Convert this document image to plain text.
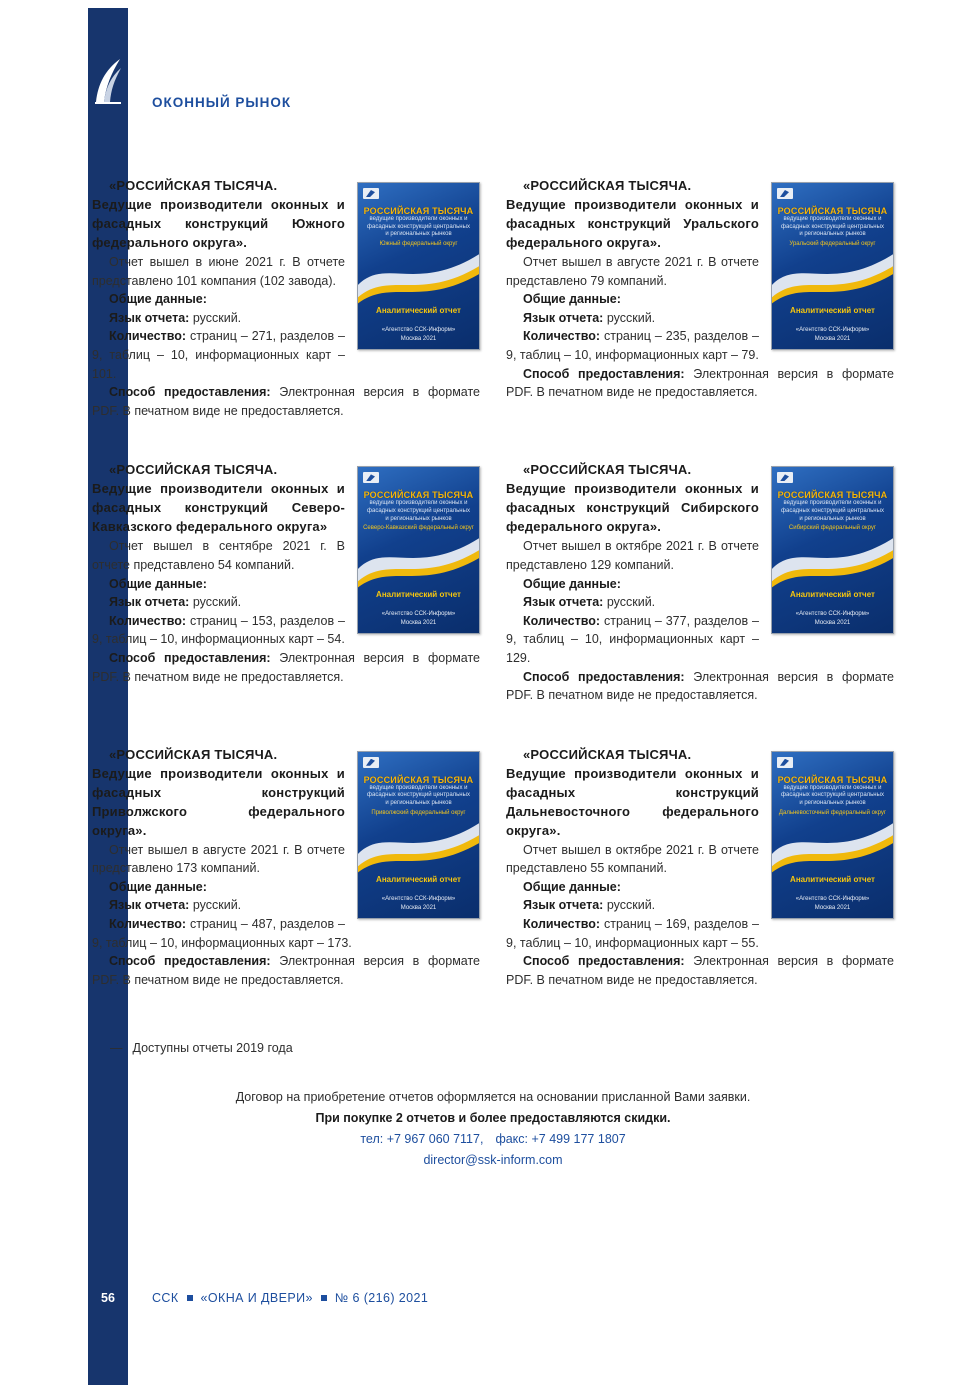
ОКОННЫЙ РЫНОК
РОССИЙСКАЯ ТЫСЯЧА
ведущие производители оконных и фасадных конструкций центральных и региональных рынков
Южный федеральный округ
Аналитический отчет
«Агентство ССК-Информ»
Москва 2021
«РОССИЙСКАЯ ТЫСЯЧА.
Ведущие производители оконных и фасадных конструкций Южного федерального округа».

Отчет вышел в июне 2021 г. В отчете представлено 101 компания (102 завода).

Общие данные:

Язык отчета: русский.

Количество: страниц – 271, разделов – 9, таблиц – 10, информационных карт – 101.

Способ предоставления: Электронная версия в формате PDF. В печатном виде не предоставляется.

РОССИЙСКАЯ ТЫСЯЧА
ведущие производители оконных и фасадных конструкций центральных и региональных рынков
Уральский федеральный округ
Аналитический отчет
«Агентство ССК-Информ»
Москва 2021
«РОССИЙСКАЯ ТЫСЯЧА.
Ведущие производители оконных и фасадных конструкций Уральского федерального округа».

Отчет вышел в августе 2021 г. В отчете представлено 79 компаний.

Общие данные:

Язык отчета: русский.

Количество: страниц – 235, разделов – 9, таблиц – 10, информационных карт – 79.

Способ предоставления: Электронная версия в формате PDF. В печатном виде не предоставляется.

РОССИЙСКАЯ ТЫСЯЧА
ведущие производители оконных и фасадных конструкций центральных и региональных рынков
Северо-Кавказский федеральный округ
Аналитический отчет
«Агентство ССК-Информ»
Москва 2021
«РОССИЙСКАЯ ТЫСЯЧА.
Ведущие производители оконных и фасадных конструкций Северо-Кавказского федерального округа»

Отчет вышел в сентябре 2021 г. В отчете представлено 54 компаний.

Общие данные:

Язык отчета: русский.

Количество: страниц – 153, разделов – 9, таблиц – 10, информационных карт – 54.

Способ предоставления: Электронная версия в формате PDF. В печатном виде не предоставляется.

РОССИЙСКАЯ ТЫСЯЧА
ведущие производители оконных и фасадных конструкций центральных и региональных рынков
Сибирский федеральный округ
Аналитический отчет
«Агентство ССК-Информ»
Москва 2021
«РОССИЙСКАЯ ТЫСЯЧА.
Ведущие производители оконных и фасадных конструкций Сибирского федерального округа».

Отчет вышел в октябре 2021 г. В отчете представлено 129 компаний.

Общие данные:

Язык отчета: русский.

Количество: страниц – 377, разделов – 9, таблиц – 10, информационных карт – 129.

Способ предоставления: Электронная версия в формате PDF. В печатном виде не предоставляется.

РОССИЙСКАЯ ТЫСЯЧА
ведущие производители оконных и фасадных конструкций центральных и региональных рынков
Приволжский федеральный округ
Аналитический отчет
«Агентство ССК-Информ»
Москва 2021
«РОССИЙСКАЯ ТЫСЯЧА.
Ведущие производители оконных и фасадных конструкций Приволжского федерального округа».

Отчет вышел в августе 2021 г. В отчете представлено 173 компаний.

Общие данные:

Язык отчета: русский.

Количество: страниц – 487, разделов – 9, таблиц – 10, информационных карт – 173.

Способ предоставления: Электронная версия в формате PDF. В печатном виде не предоставляется.

РОССИЙСКАЯ ТЫСЯЧА
ведущие производители оконных и фасадных конструкций центральных и региональных рынков
Дальневосточный федеральный округ
Аналитический отчет
«Агентство ССК-Информ»
Москва 2021
«РОССИЙСКАЯ ТЫСЯЧА.
Ведущие производители оконных и фасадных конструкций Дальневосточного федерального округа».

Отчет вышел в октябре 2021 г. В отчете представлено 55 компаний.

Общие данные:

Язык отчета: русский.

Количество: страниц – 169, разделов – 9, таблиц – 10, информационных карт – 55.

Способ предоставления: Электронная версия в формате PDF. В печатном виде не предоставляется.

— Доступны отчеты 2019 года
Договор на приобретение отчетов оформляется на основании присланной Вами заявки.
При покупке 2 отчетов и более предоставляются скидки.
тел: +7 967 060 7117, факс: +7 499 177 1807
director@ssk-inform.com
56	ССК «ОКНА И ДВЕРИ» № 6 (216) 2021
